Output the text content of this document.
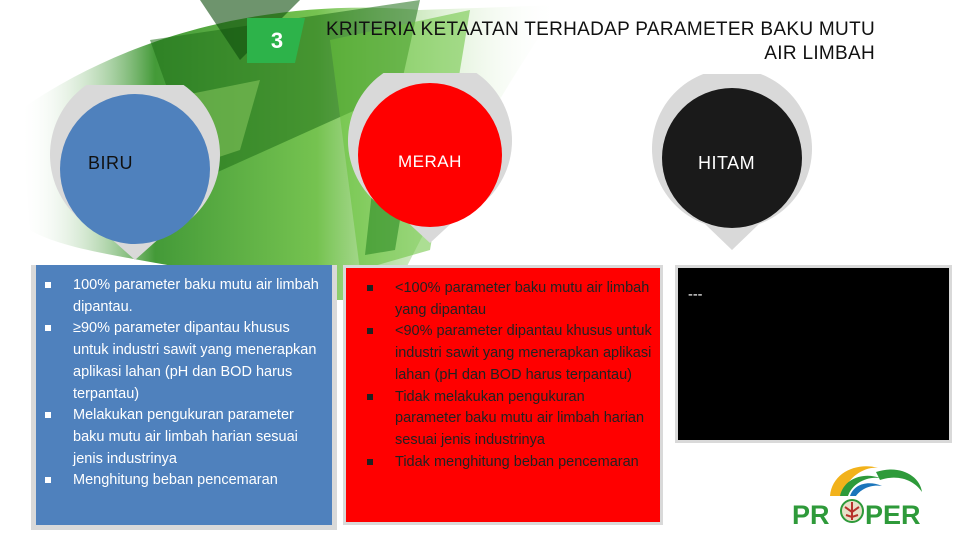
3	KRITERIA KETAATAN TERHADAP PARAMETER BAKU MUTU
AIR LIMBAH
BIRU	MERAH	HITAM
100% parameter baku mutu air limbah dipantau.
≥90% parameter dipantau khusus untuk industri sawit yang menerapkan aplikasi lahan (pH dan BOD harus terpantau)
Melakukan pengukuran parameter baku mutu air limbah harian sesuai jenis industrinya
Menghitung beban pencemaran
<100% parameter baku mutu air limbah yang dipantau
<90% parameter dipantau khusus untuk industri sawit yang menerapkan aplikasi lahan (pH dan BOD harus terpantau)
Tidak melakukan pengukuran parameter baku mutu air limbah harian sesuai jenis industrinya
Tidak menghitung beban pencemaran
---
PR PER
